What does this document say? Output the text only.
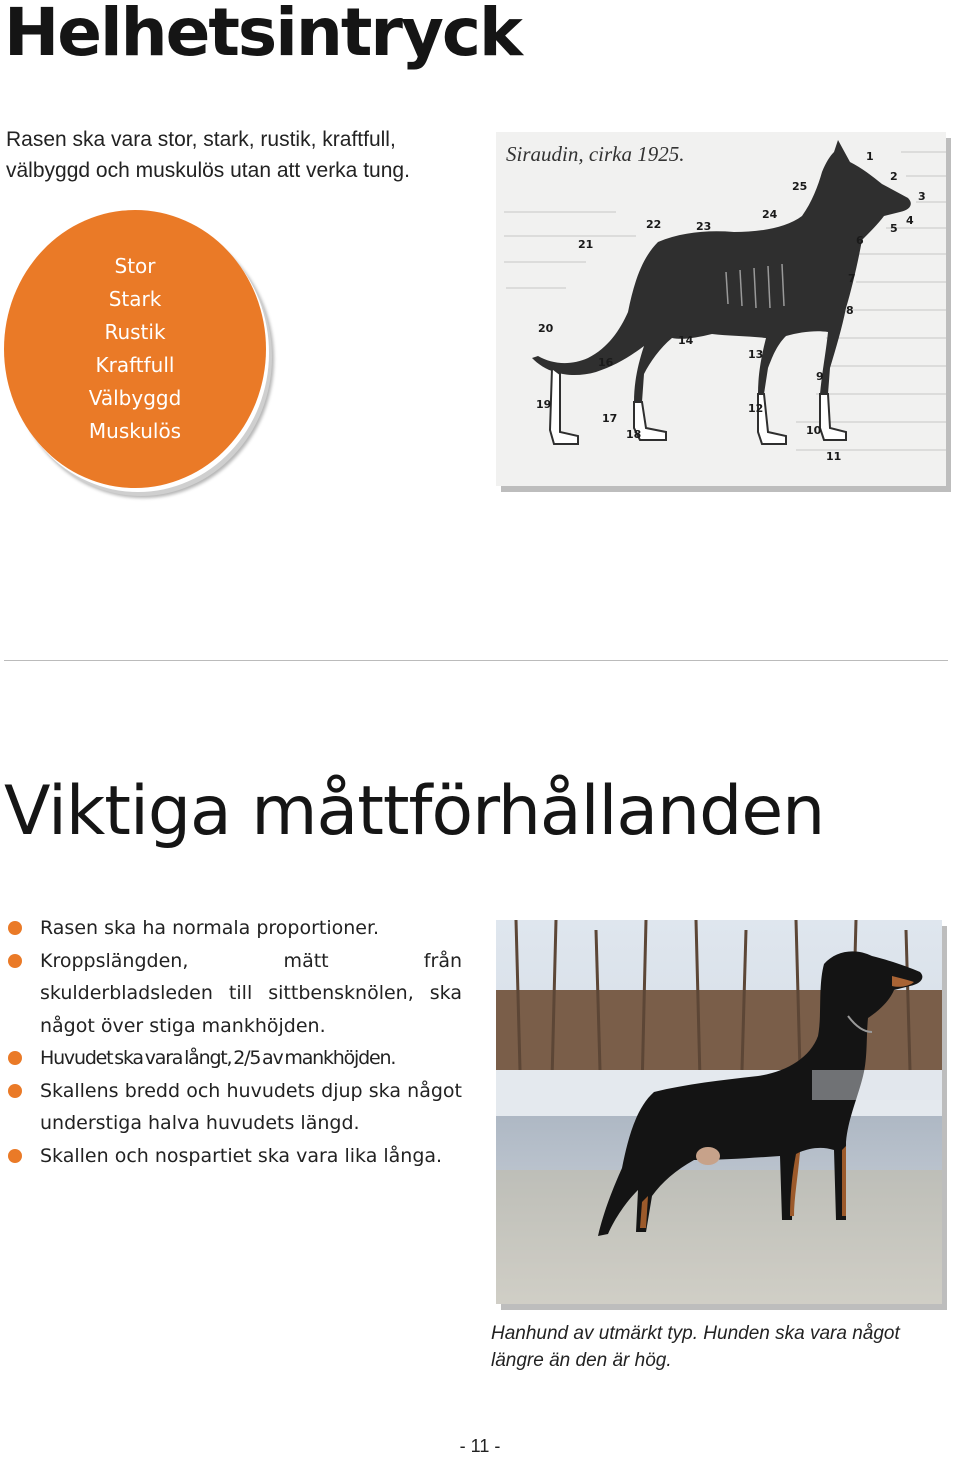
Helhetsintryck
Rasen ska vara stor, stark, rustik, kraftfull, välbyggd och muskulös utan att verka tung.
Stor
Stark
Rustik
Kraftfull
Välbyggd
Muskulös
1
2
3
4
5
6
7
8
9
10
11
12
13
14
16
17
18
19
20
21
22	23
24
25
Siraudin, cirka 1925.
Viktiga måttförhållanden
Rasen ska ha normala proportioner.
Kroppslängden, mätt från skulderbladsleden till sittbensknölen, ska något över stiga mankhöjden.
Huvudet ska vara långt, 2/5 av mankhöjden.
Skallens bredd och huvudets djup ska något understiga halva huvudets längd.
Skallen och nospartiet ska vara lika långa.
Hanhund av utmärkt typ. Hunden ska vara något längre än den är hög.
- 11 -
